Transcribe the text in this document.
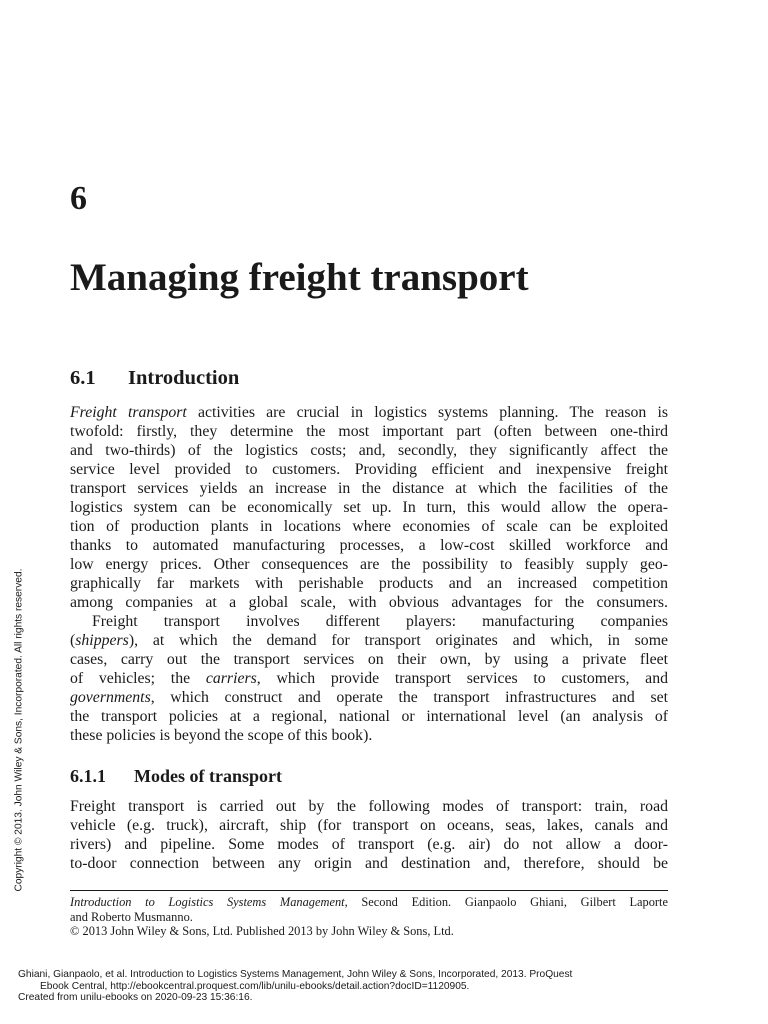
6
Managing freight transport
6.1 Introduction
Freight transport activities are crucial in logistics systems planning. The reason is
twofold: firstly, they determine the most important part (often between one-third
and two-thirds) of the logistics costs; and, secondly, they significantly affect the
service level provided to customers. Providing efficient and inexpensive freight
transport services yields an increase in the distance at which the facilities of the
logistics system can be economically set up. In turn, this would allow the opera-
tion of production plants in locations where economies of scale can be exploited
thanks to automated manufacturing processes, a low-cost skilled workforce and
low energy prices. Other consequences are the possibility to feasibly supply geo-
graphically far markets with perishable products and an increased competition
among companies at a global scale, with obvious advantages for the consumers.
Freight transport involves different players: manufacturing companies
(shippers), at which the demand for transport originates and which, in some
cases, carry out the transport services on their own, by using a private fleet
of vehicles; the carriers, which provide transport services to customers, and
governments, which construct and operate the transport infrastructures and set
the transport policies at a regional, national or international level (an analysis of
these policies is beyond the scope of this book).
6.1.1 Modes of transport
Freight transport is carried out by the following modes of transport: train, road
vehicle (e.g. truck), aircraft, ship (for transport on oceans, seas, lakes, canals and
rivers) and pipeline. Some modes of transport (e.g. air) do not allow a door-
to-door connection between any origin and destination and, therefore, should be
Introduction to Logistics Systems Management, Second Edition. Gianpaolo Ghiani, Gilbert Laporte
and Roberto Musmanno.
© 2013 John Wiley & Sons, Ltd. Published 2013 by John Wiley & Sons, Ltd.
Copyright © 2013. John Wiley & Sons, Incorporated. All rights reserved.
Ghiani, Gianpaolo, et al. Introduction to Logistics Systems Management, John Wiley & Sons, Incorporated, 2013. ProQuest
Ebook Central, http://ebookcentral.proquest.com/lib/unilu-ebooks/detail.action?docID=1120905.
Created from unilu-ebooks on 2020-09-23 15:36:16.
